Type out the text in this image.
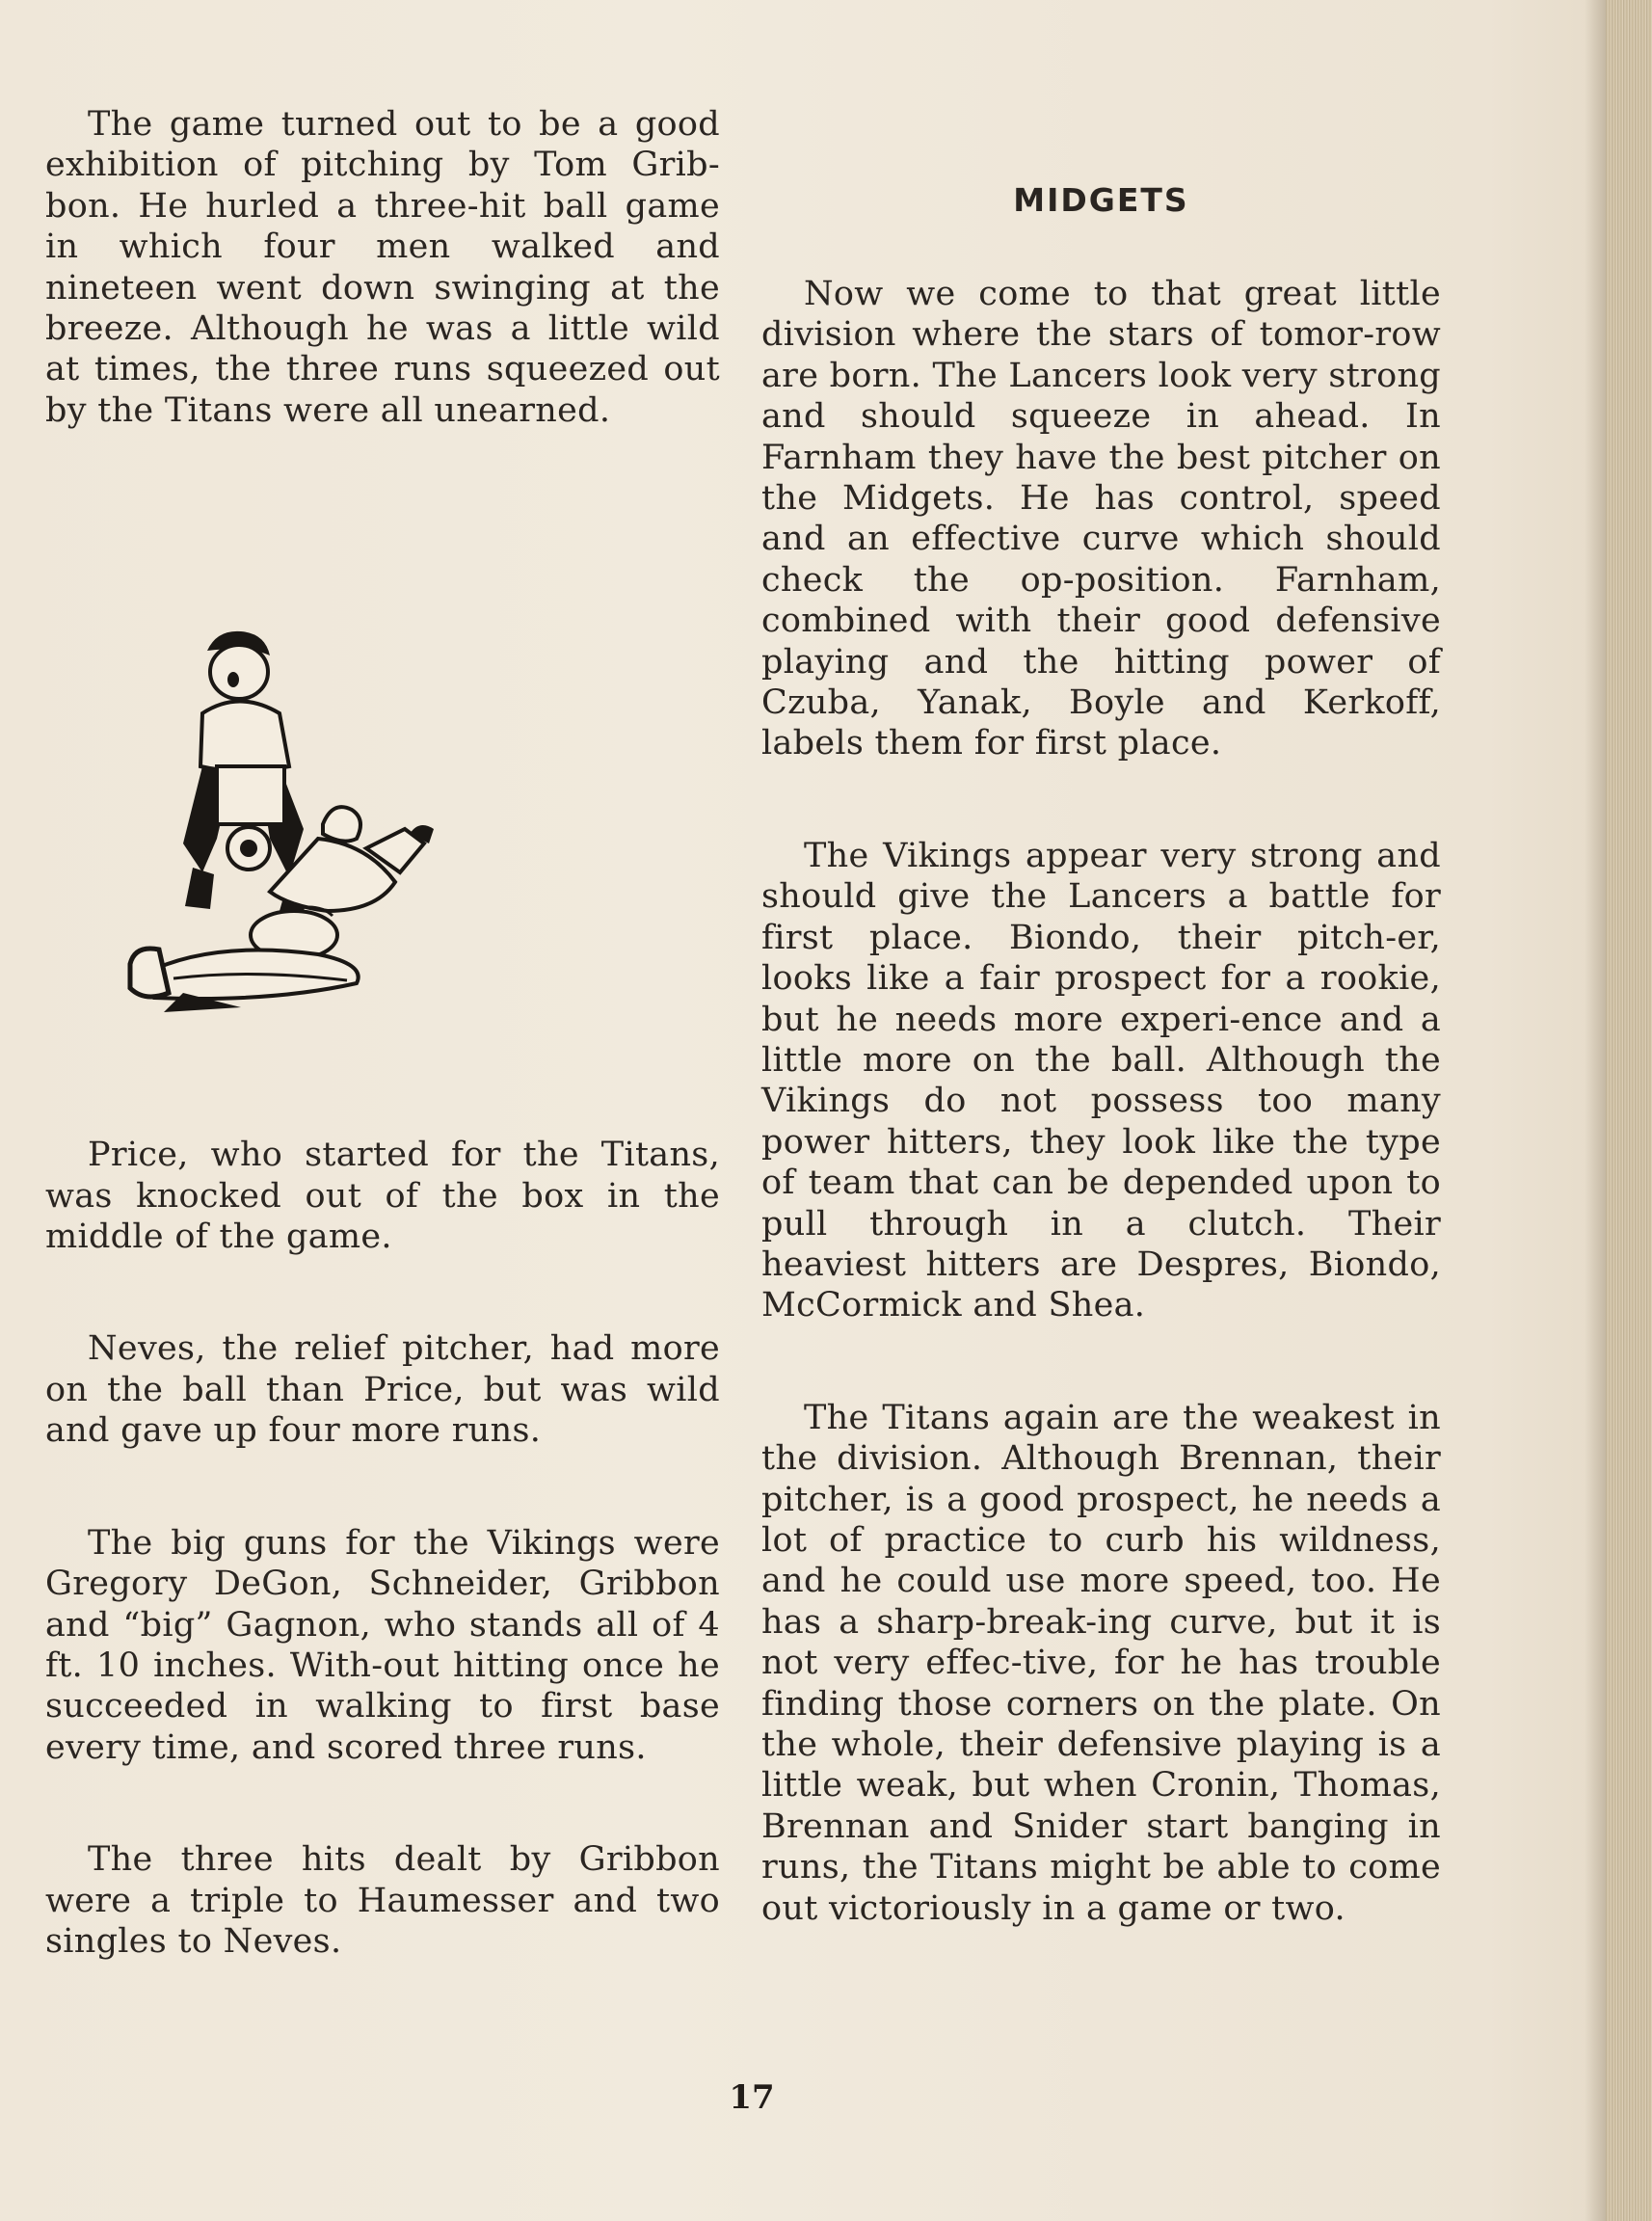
The game turned out to be a good exhibition of pitching by Tom Grib-bon. He hurled a three-hit ball game in which four men walked and nineteen went down swinging at the breeze. Although he was a little wild at times, the three runs squeezed out by the Titans were all unearned.

Price, who started for the Titans, was knocked out of the box in the middle of the game.

Neves, the relief pitcher, had more on the ball than Price, but was wild and gave up four more runs.

The big guns for the Vikings were Gregory DeGon, Schneider, Gribbon and “big” Gagnon, who stands all of 4 ft. 10 inches. With-out hitting once he succeeded in walking to first base every time, and scored three runs.

The three hits dealt by Gribbon were a triple to Haumesser and two singles to Neves.

MIDGETS

Now we come to that great little division where the stars of tomor-row are born. The Lancers look very strong and should squeeze in ahead. In Farnham they have the best pitcher on the Midgets. He has control, speed and an effective curve which should check the op-position. Farnham, combined with their good defensive playing and the hitting power of Czuba, Yanak, Boyle and Kerkoff, labels them for first place.

The Vikings appear very strong and should give the Lancers a battle for first place. Biondo, their pitch-er, looks like a fair prospect for a rookie, but he needs more experi-ence and a little more on the ball. Although the Vikings do not possess too many power hitters, they look like the type of team that can be depended upon to pull through in a clutch. Their heaviest hitters are Despres, Biondo, McCormick and Shea.

The Titans again are the weakest in the division. Although Brennan, their pitcher, is a good prospect, he needs a lot of practice to curb his wildness, and he could use more speed, too. He has a sharp-break-ing curve, but it is not very effec-tive, for he has trouble finding those corners on the plate. On the whole, their defensive playing is a little weak, but when Cronin, Thomas, Brennan and Snider start banging in runs, the Titans might be able to come out victoriously in a game or two.

17
